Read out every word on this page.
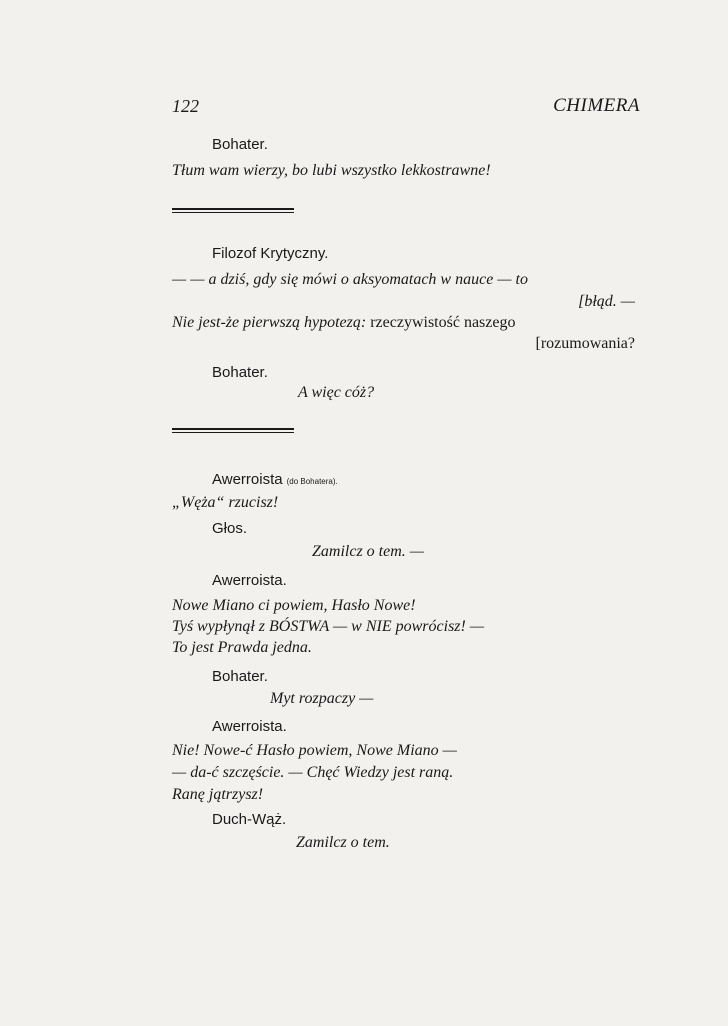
122	CHIMERA
Bohater.
Tłum wam wierzy, bo lubi wszystko lekkostrawne!
Filozof Krytyczny.
— — a dziś, gdy się mówi o aksyomatach w nauce — to
[błąd. —
Nie jest-że pierwszą hypotezą: rzeczywistość naszego
[rozumowania?
Bohater.
A więc cóż?
Awerroista (do Bohatera).
„Węża“ rzucisz!
Głos.
Zamilcz o tem. —
Awerroista.
Nowe Miano ci powiem, Hasło Nowe!
Tyś wypłynął z BÓSTWA — w NIE powrócisz! —
To jest Prawda jedna.
Bohater.
Myt rozpaczy —
Awerroista.
Nie! Nowe-ć Hasło powiem, Nowe Miano —
— da-ć szczęście. — Chęć Wiedzy jest raną.
Ranę jątrzysz!
Duch-Wąż.
Zamilcz o tem.
